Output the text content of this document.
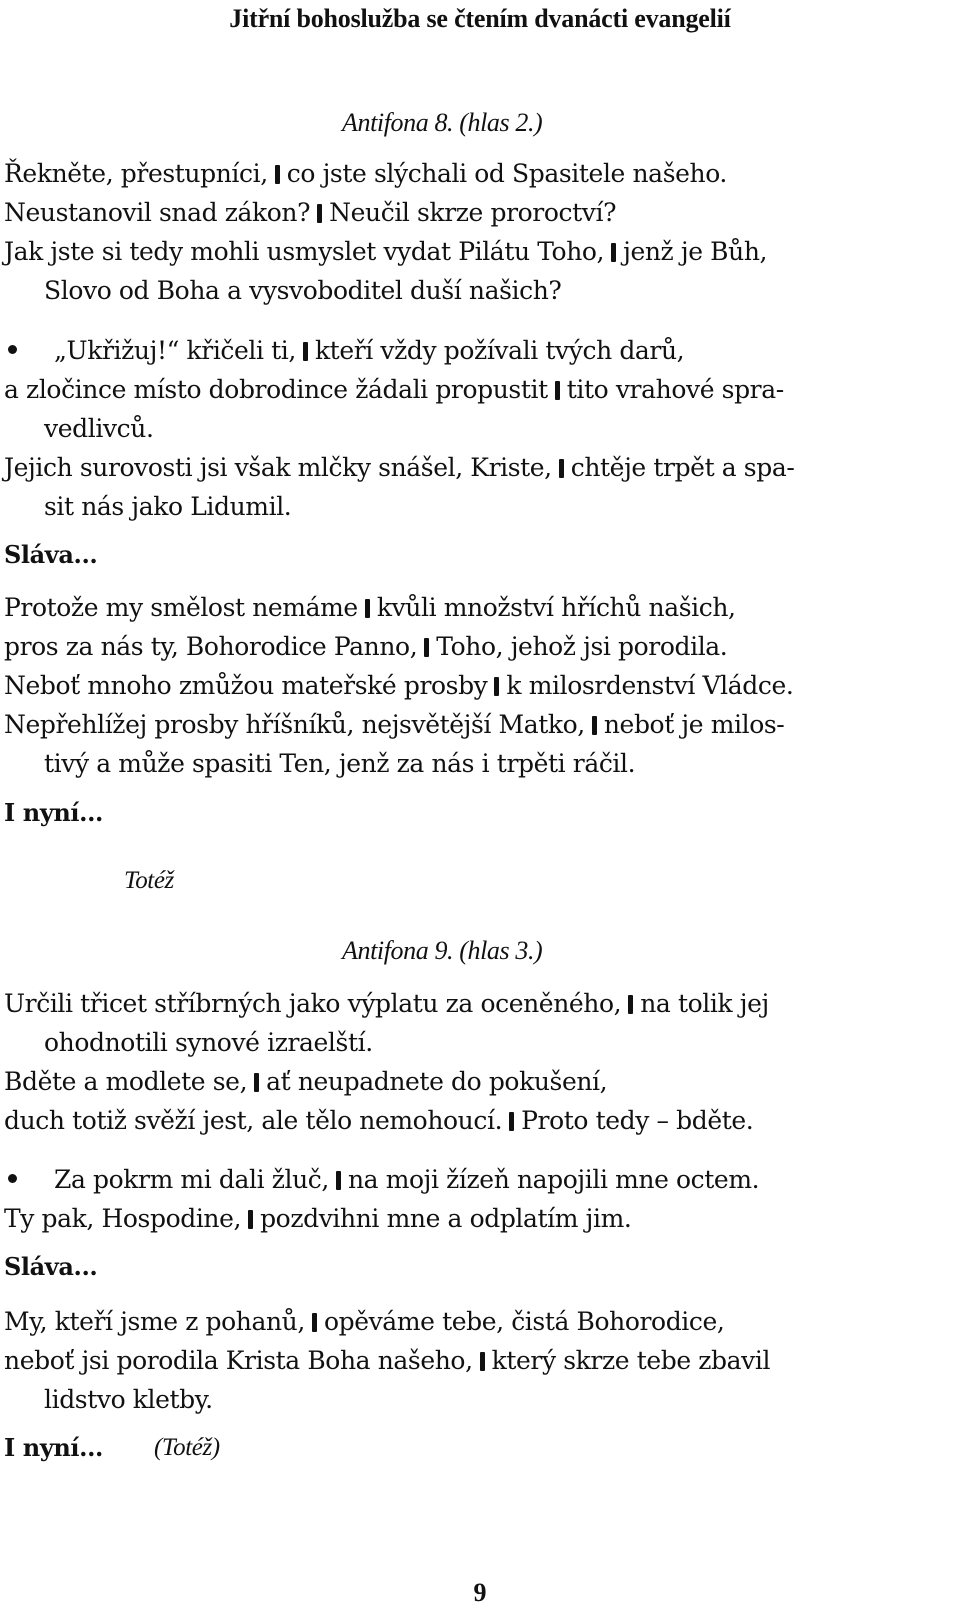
Jitřní bohoslužba se čtením dvanácti evangelií
Antifona 8. (hlas 2.)
Řekněte, přestupníci, co jste slýchali od Spasitele našeho.
Neustanovil snad zákon? Neučil skrze proroctví?
Jak jste si tedy mohli usmyslet vydat Pilátu Toho, jenž je Bůh,
Slovo od Boha a vysvoboditel duší našich?
„Ukřižuj!“ křičeli ti, kteří vždy požívali tvých darů,
a zločince místo dobrodince žádali propustit tito vrahové spra-
vedlivců.
Jejich surovosti jsi však mlčky snášel, Kriste, chtěje trpět a spa-
sit nás jako Lidumil.
Sláva...
Protože my smělost nemáme kvůli množství hříchů našich,
pros za nás ty, Bohorodice Panno, Toho, jehož jsi porodila.
Neboť mnoho zmůžou mateřské prosby k milosrdenství Vládce.
Nepřehlížej prosby hříšníků, nejsvětější Matko, neboť je milos-
tivý a může spasiti Ten, jenž za nás i trpěti ráčil.
I nyní...
Totéž
Antifona 9. (hlas 3.)
Určili třicet stříbrných jako výplatu za oceněného, na tolik jej
ohodnotili synové izraelští.
Bděte a modlete se, ať neupadnete do pokušení,
duch totiž svěží jest, ale tělo nemohoucí. Proto tedy – bděte.
Za pokrm mi dali žluč, na moji žízeň napojili mne octem.
Ty pak, Hospodine, pozdvihni mne a odplatím jim.
Sláva...
My, kteří jsme z pohanů, opěváme tebe, čistá Bohorodice,
neboť jsi porodila Krista Boha našeho, který skrze tebe zbavil
lidstvo kletby.
I nyní... (Totéž)
9
